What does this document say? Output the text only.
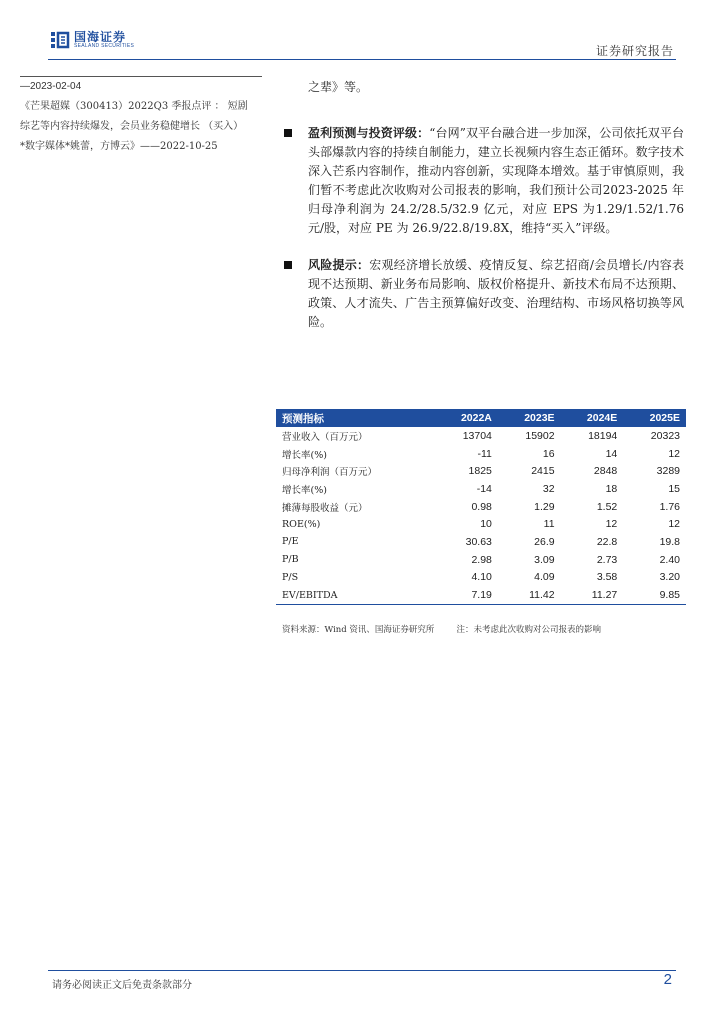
国海证券
SEALAND SECURITIES	证券研究报告

—2023-02-04

《芒果超媒（300413）2022Q3 季报点评 ： 短剧

综艺等内容持续爆发，会员业务稳健增长 （买入）

*数字媒体*姚蕾，方博云》——2022-10-25

之辈》等。

盈利预测与投资评级：“台网”双平台融合进一步加深，公司依托双平台头部爆款内容的持续自制能力，建立长视频内容生态正循环。数字技术深入芒系内容制作，推动内容创新，实现降本增效。基于审慎原则，我们暂不考虑此次收购对公司报表的影响，我们预计公司2023-2025 年归母净利润为 24.2/28.5/32.9 亿元，对应 EPS 为1.29/1.52/1.76 元/股，对应 PE 为 26.9/22.8/19.8X，维持“买入”评级。
风险提示：宏观经济增长放缓、疫情反复、综艺招商/会员增长/内容表现不达预期、新业务布局影响、版权价格提升、新技术布局不达预期、政策、人才流失、广告主预算偏好改变、治理结构、市场风格切换等风险。
预测指标	2022A	2023E	2024E	2025E
营业收入（百万元）	13704	15902	18194	20323
增长率(%)	-11	16	14	12
归母净利润（百万元）	1825	2415	2848	3289
增长率(%)	-14	32	18	15
摊薄每股收益（元）	0.98	1.29	1.52	1.76
ROE(%)	10	11	12	12
P/E	30.63	26.9	22.8	19.8
P/B	2.98	3.09	2.73	2.40
P/S	4.10	4.09	3.58	3.20
EV/EBITDA	7.19	11.42	11.27	9.85
资料来源：Wind 资讯、国海证券研究所	注：未考虑此次收购对公司报表的影响
请务必阅读正文后免责条款部分	2
